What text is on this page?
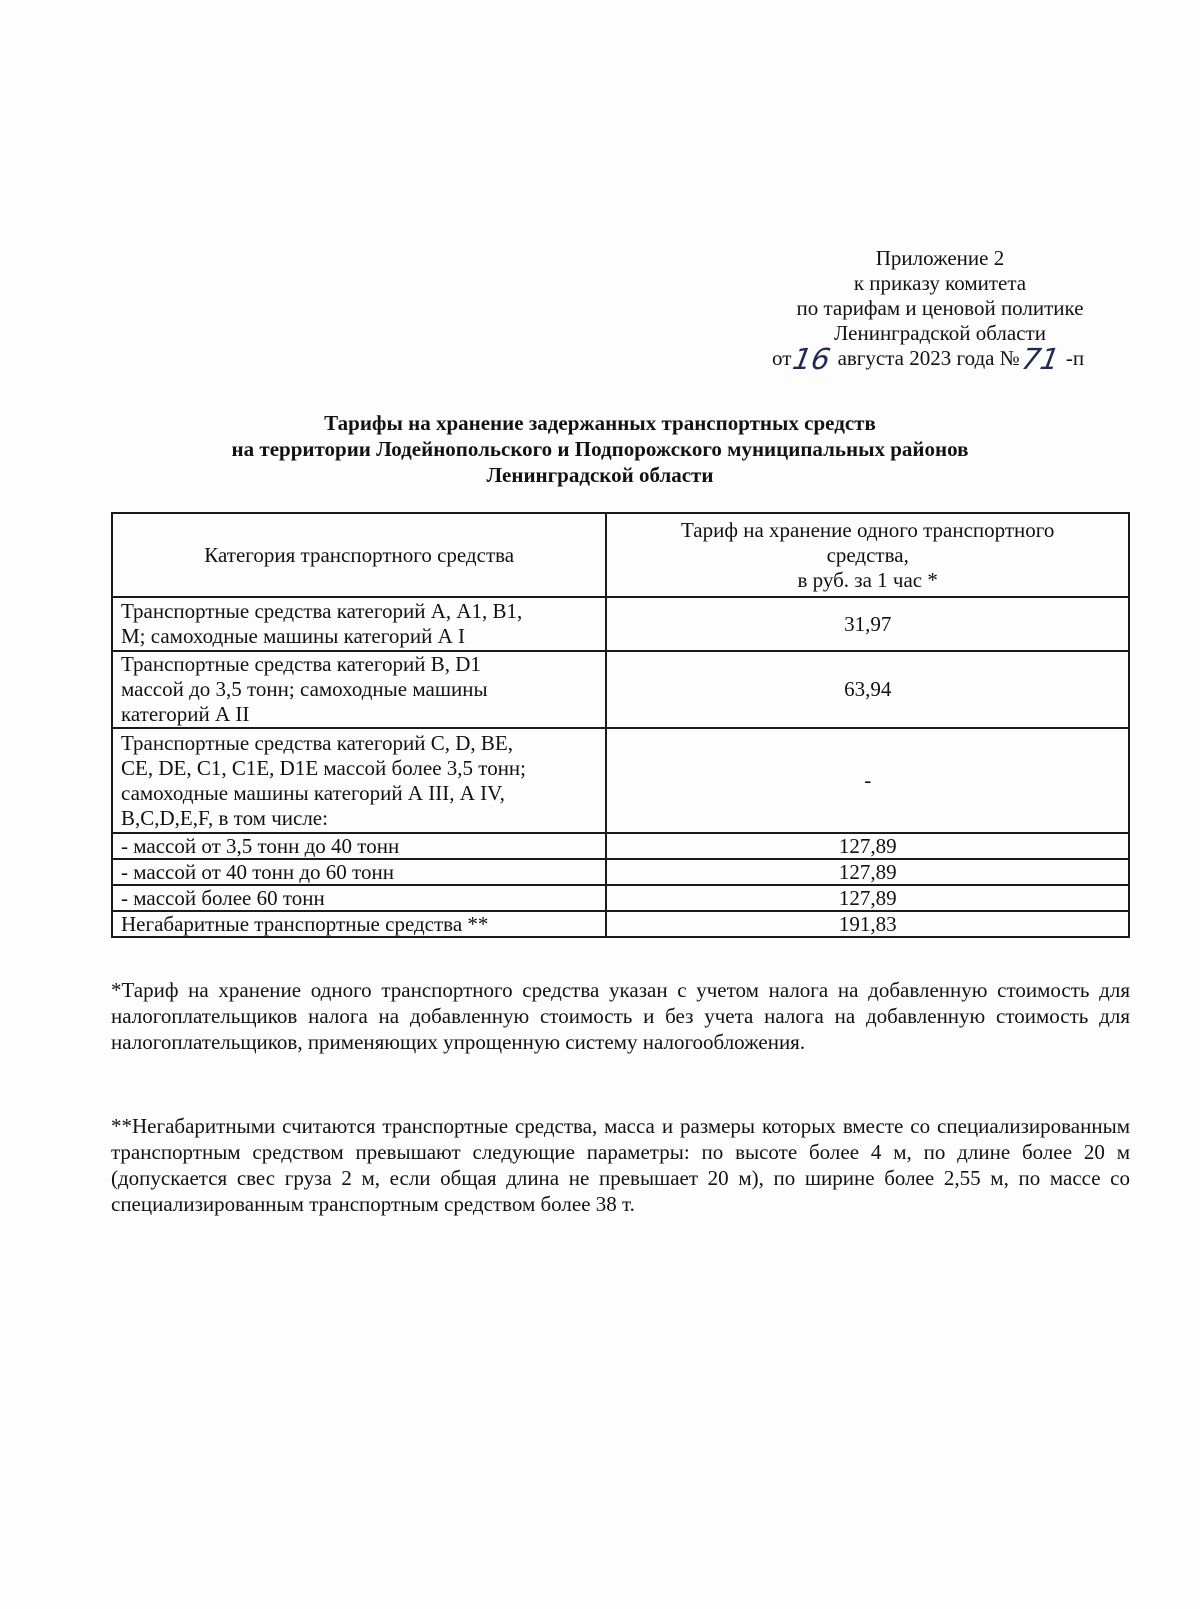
Приложение 2
к приказу комитета
по тарифам и ценовой политике
Ленинградской области
от16 августа 2023 года №71 -п
Тарифы на хранение задержанных транспортных средств
на территории Лодейнопольского и Подпорожского муниципальных районов
Ленинградской области
Категория транспортного средства	Тариф на хранение одного транспортного
средства,
в руб. за 1 час *

Транспортные средства категорий А, А1, В1,
М; самоходные машины категорий А I	31,97

Транспортные средства категорий В, D1
массой до 3,5 тонн; самоходные машины
категорий А II	63,94

Транспортные средства категорий C, D, BE,
CE, DE, C1, C1E, D1E массой более 3,5 тонн;
самоходные машины категорий А III, А IV,
B,C,D,E,F, в том числе:	-
- массой от 3,5 тонн до 40 тонн	127,89
- массой от 40 тонн до 60 тонн	127,89
- массой более 60 тонн	127,89
Негабаритные транспортные средства **	191,83

*Тариф на хранение одного транспортного средства указан с учетом налога на добавленную стоимость для налогоплательщиков налога на добавленную стоимость и без учета налога на добавленную стоимость для налогоплательщиков, применяющих упрощенную систему налогообложения.

**Негабаритными считаются транспортные средства, масса и размеры которых вместе со специализированным транспортным средством превышают следующие параметры: по высоте более 4 м, по длине более 20 м (допускается свес груза 2 м, если общая длина не превышает 20 м), по ширине более 2,55 м, по массе со специализированным транспортным средством более 38 т.
